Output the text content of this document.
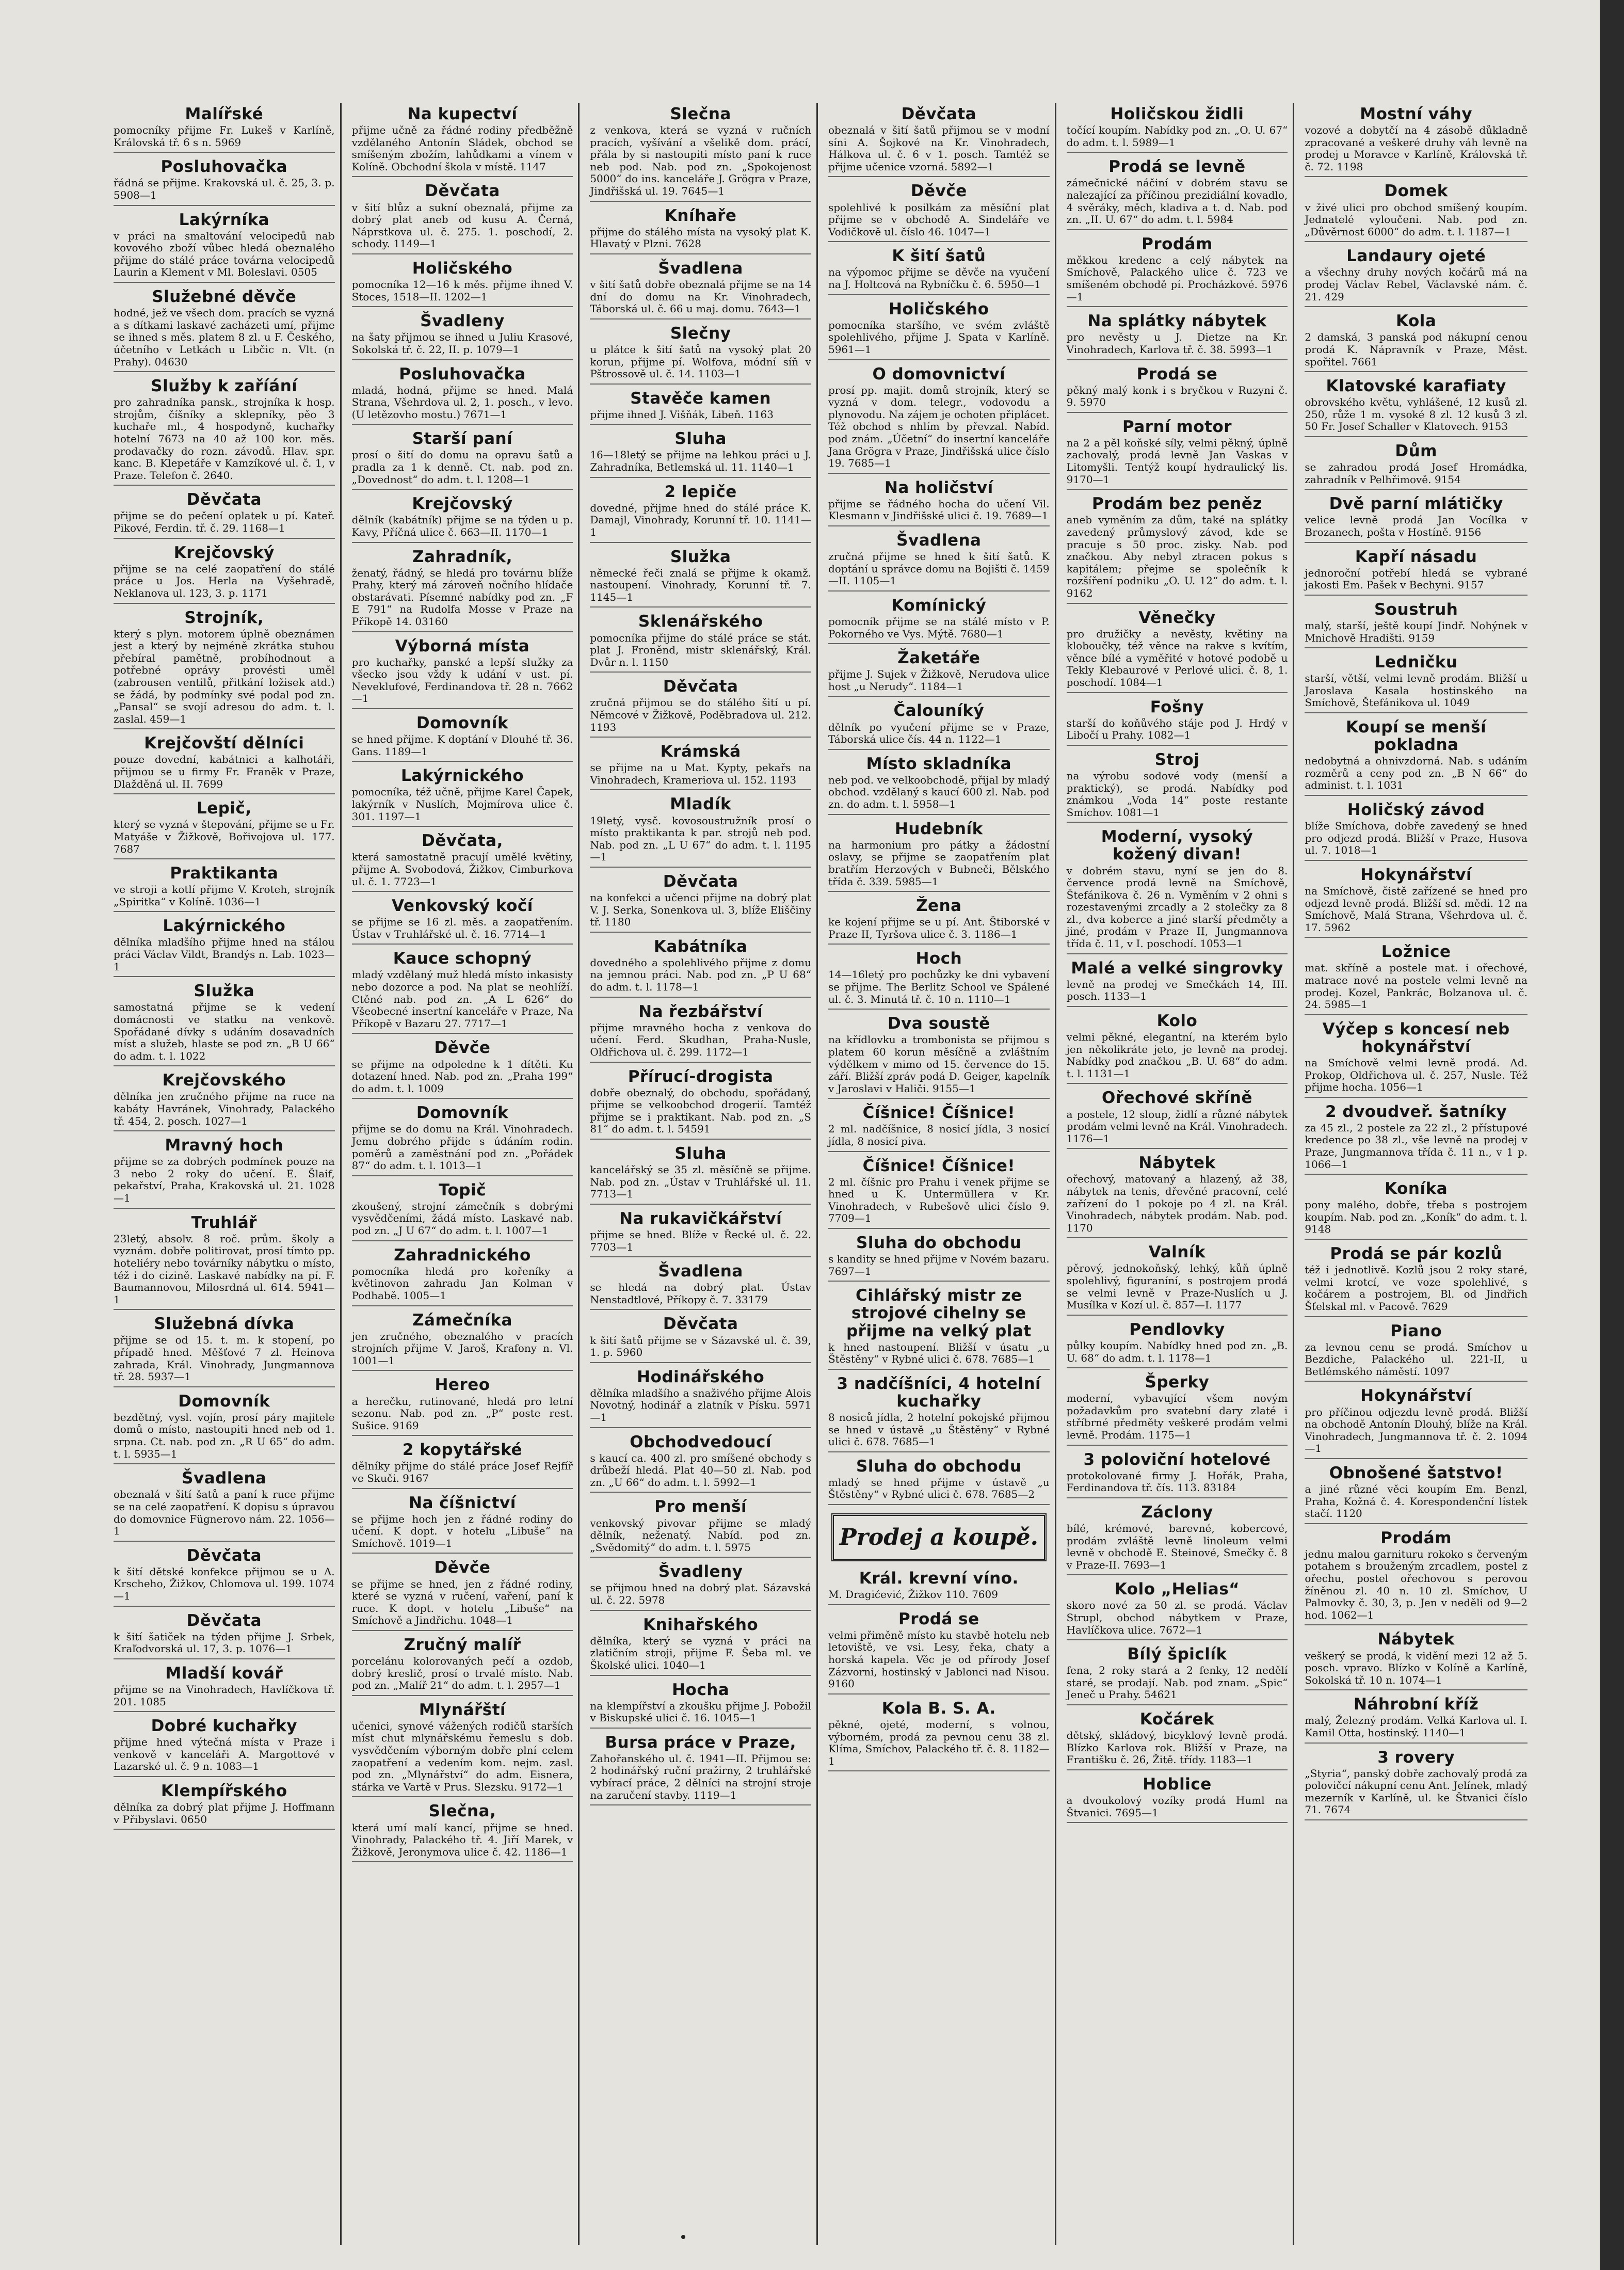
Malířské

pomocníky přijme Fr. Lukeš v Karlíně, Královská tř. 6 s n. 5969

Posluhovačka

řádná se přijme. Krakovská ul. č. 25, 3. p. 5908—1

Lakýrníka

v práci na smaltování velocipedů nab kovového zboží vůbec hledá obeznalého přijme do stálé práce továrna velocipedů Laurin a Klement v Ml. Boleslavi. 0505

Služebné děvče

hodné, jež ve všech dom. pracích se vyzná a s dítkami laskavé zacházeti umí, přijme se ihned s měs. platem 8 zl. u F. Českého, účetního v Letkách u Libčic n. Vlt. (n Prahy). 04630

Služby k zaříání

pro zahradníka pansk., strojníka k hosp. strojům, číšníky a sklepníky, pěo 3 kuchaře ml., 4 hospodyně, kuchařky hotelní 7673 na 40 až 100 kor. měs. prodavačky do rozn. závodů. Hlav. spr. kanc. B. Klepetáře v Kamzíkové ul. č. 1, v Praze. Telefon č. 2640.

Děvčata

přijme se do pečení oplatek u pí. Kateř. Pikové, Ferdin. tř. č. 29. 1168—1

Krejčovský

přijme se na celé zaopatření do stálé práce u Jos. Herla na Vyšehradě, Neklanova ul. 123, 3. p. 1171

Strojník,

který s plyn. motorem úplně obeznámen jest a který by nejméně zkrátka stuhou přebíral pamětně, probíhodnout a potřebné oprávy provésti uměl (zabrousen ventilů, přitkání ložisek atd.) se žádá, by podmínky své podal pod zn. „Pansal“ se svojí adresou do adm. t. l. zaslal. 459—1

Krejčovští dělníci

pouze dovední, kabátnici a kalhotáři, přijmou se u firmy Fr. Franěk v Praze, Dlažděná ul. II. 7699

Lepič,

který se vyzná v štepování, přijme se u Fr. Matyáše v Žižkově, Bořivojova ul. 177. 7687

Praktikanta

ve stroji a kotlí přijme V. Kroteh, strojník „Spiritka“ v Kolíně. 1036—1

Lakýrnického

dělníka mladšího přijme hned na stálou práci Václav Vildt, Brandýs n. Lab. 1023—1

Služka

samostatná přijme se k vedení domácnosti ve statku na venkově. Spořádané dívky s udáním dosavadních míst a služeb, hlaste se pod zn. „B U 66“ do adm. t. l. 1022

Krejčovského

dělníka jen zručného přijme na ruce na kabáty Havránek, Vinohrady, Palackého tř. 454, 2. posch. 1027—1

Mravný hoch

přijme se za dobrých podmínek pouze na 3 nebo 2 roky do učení. E. Šlaif, pekařství, Praha, Krakovská ul. 21. 1028—1

Truhlář

23letý, absolv. 8 roč. prům. školy a vyznám. dobře politirovat, prosí tímto pp. hoteliéry nebo továrníky nábytku o místo, též i do cizině. Laskavé nabídky na pí. F. Baumannovou, Milosrdná ul. 614. 5941—1

Služebná dívka

přijme se od 15. t. m. k stopení, po případě hned. Měšťové 7 zl. Heinova zahrada, Král. Vinohrady, Jungmannova tř. 28. 5937—1

Domovník

bezdětný, vysl. vojín, prosí páry majitele domů o místo, nastoupiti hned neb od 1. srpna. Ct. nab. pod zn. „R U 65“ do adm. t. l. 5935—1

Švadlena

obeznalá v šití šatů a paní k ruce přijme se na celé zaopatření. K dopisu s úpravou do domovnice Fügnerovo nám. 22. 1056—1

Děvčata

k šití dětské konfekce přijmou se u A. Krscheho, Žižkov, Chlomova ul. 199. 1074—1

Děvčata

k šití šatiček na týden přijme J. Srbek, Kraľodvorská ul. 17, 3. p. 1076—1

Mladší kovář

přijme se na Vinohradech, Havlíčkova tř. 201. 1085

Dobré kuchařky

přijme hned výtečná místa v Praze i venkově v kanceláři A. Margottové v Lazarské ul. č. 9 n. 1083—1

Klempířského

dělníka za dobrý plat přijme J. Hoffmann v Přibyslavi. 0650

Na kupectví

přijme učně za řádné rodiny předběžně vzdělaného Antonín Sládek, obchod se smíšeným zbožím, lahůdkami a vínem v Kolíně. Obchodní škola v místě. 1147

Děvčata

v šití blůz a sukní obeznalá, přijme za dobrý plat aneb od kusu A. Černá, Náprstkova ul. č. 275. 1. poschodí, 2. schody. 1149—1

Holičského

pomocníka 12—16 k měs. přijme ihned V. Stoces, 1518—II. 1202—1

Švadleny

na šaty přijmou se ihned u Juliu Krasové, Sokolská tř. č. 22, II. p. 1079—1

Posluhovačka

mladá, hodná, přijme se hned. Malá Strana, Všehrdova ul. 2, 1. posch., v levo. (U letězovho mostu.) 7671—1

Starší paní

prosí o šití do domu na opravu šatů a pradla za 1 k denně. Ct. nab. pod zn. „Dovednost“ do adm. t. l. 1208—1

Krejčovský

dělník (kabátník) přijme se na týden u p. Kavy, Příčná ulice č. 663—II. 1170—1

Zahradník,

ženatý, řádný, se hledá pro továrnu blíže Prahy, který má zároveň nočního hlídače obstarávati. Písemné nabídky pod zn. „F E 791“ na Rudolfa Mosse v Praze na Příkopě 14. 03160

Výborná místa

pro kuchařky, panské a lepší služky za všecko jsou vždy k udání v ust. pí. Neveklufové, Ferdinandova tř. 28 n. 7662—1

Domovník

se hned přijme. K doptání v Dlouhé tř. 36. Gans. 1189—1

Lakýrnického

pomocníka, též učně, přijme Karel Čapek, lakýrník v Nuslích, Mojmírova ulice č. 301. 1197—1

Děvčata,

která samostatně pracují umělé květiny, přijme A. Svobodová, Žižkov, Cimburkova ul. č. 1. 7723—1

Venkovský kočí

se přijme se 16 zl. měs. a zaopatřením. Ústav v Truhlářské ul. č. 16. 7714—1

Kauce schopný

mladý vzdělaný muž hledá místo inkasisty nebo dozorce a pod. Na plat se neohlíží. Ctěné nab. pod zn. „A L 626“ do Všeobecné insertní kanceláře v Praze, Na Příkopě v Bazaru 27. 7717—1

Děvče

se přijme na odpoledne k 1 dítěti. Ku dotazení hned. Nab. pod zn. „Praha 199“ do adm. t. l. 1009

Domovník

přijme se do domu na Král. Vinohradech. Jemu dobrého přijde s údáním rodin. poměrů a zaměstnání pod zn. „Pořádek 87“ do adm. t. l. 1013—1

Topič

zkoušený, strojní zámečník s dobrými vysvědčeními, žádá místo. Laskavé nab. pod zn. „J U 67“ do adm. t. l. 1007—1

Zahradnického

pomocníka hledá pro kořeníky a květinovon zahradu Jan Kolman v Podhabě. 1005—1

Zámečníka

jen zručného, obeznalého v pracích strojních přijme V. Jaroš, Krafony n. Vl. 1001—1

Hereo

a herečku, rutinované, hledá pro letní sezonu. Nab. pod zn. „P“ poste rest. Sušice. 9169

2 kopytářské

dělníky přijme do stálé práce Josef Rejfíř ve Skuči. 9167

Na číšnictví

se přijme hoch jen z řádné rodiny do učení. K dopt. v hotelu „Libuše“ na Smíchově. 1019—1

Děvče

se přijme se hned, jen z řádné rodiny, které se vyzná v ručení, vaření, paní k ruce. K dopt. v hotelu „Libuše“ na Smíchově a Jindřichu. 1048—1

Zručný malíř

porcelánu kolorovaných pečí a ozdob, dobrý kreslič, prosí o trvalé místo. Nab. pod zn. „Malíř 21“ do adm. t. l. 2957—1

Mlynářští

učenici, synové vážených rodičů starších míst chut mlynářskému řemeslu s dob. vysvědčením výborným dobře plní celem zaopatření a vedením kom. nejm. zasl. pod zn. „Mlynářství“ do adm. Eisnera, stárka ve Vartě v Prus. Slezsku. 9172—1

Slečna,

která umí malí kancí, přijme se hned. Vinohrady, Palackého tř. 4. Jiří Marek, v Žižkově, Jeronymova ulice č. 42. 1186—1

Slečna

z venkova, která se vyzná v ručních pracích, vyšívání a všelikě dom. prácí, přála by si nastoupiti místo paní k ruce neb pod. Nab. pod zn. „Spokojenost 5000“ do ins. kanceláře J. Grögra v Praze, Jindřišská ul. 19. 7645—1

Kníhaře

přijme do stálého místa na vysoký plat K. Hlavatý v Plzni. 7628

Švadlena

v šití šatů dobře obeznalá přijme se na 14 dní do domu na Kr. Vinohradech, Táborská ul. č. 66 u maj. domu. 7643—1

Slečny

u plátce k šití šatů na vysoký plat 20 korun, přijme pí. Wolfova, módní síň v Pštrossově ul. č. 14. 1103—1

Stavěče kamen

přijme ihned J. Višňák, Libeň. 1163

Sluha

16—18letý se přijme na lehkou práci u J. Zahradníka, Betlemská ul. 11. 1140—1

2 lepiče

dovedné, přijme hned do stálé práce K. Damajl, Vinohrady, Korunní tř. 10. 1141—1

Služka

německé řeči znalá se přijme k okamž. nastoupení. Vinohrady, Korunní tř. 7. 1145—1

Sklenářského

pomocníka přijme do stálé práce se stát. plat J. Froněnd, mistr sklenářský, Král. Dvůr n. l. 1150

Děvčata

zručná přijmou se do stálého šití u pí. Němcové v Žižkově, Poděbradova ul. 212. 1193

Krámská

se přijme na u Mat. Kypty, pekařs na Vinohradech, Krameriova ul. 152. 1193

Mladík

19letý, vysč. kovosoustružník prosí o místo praktikanta k par. strojů neb pod. Nab. pod zn. „L U 67“ do adm. t. l. 1195—1

Děvčata

na konfekci a učenci přijme na dobrý plat V. J. Serka, Sonenkova ul. 3, blíže Eliščiny tř. 1180

Kabátníka

dovedného a spolehlivého přijme z domu na jemnou práci. Nab. pod zn. „P U 68“ do adm. t. l. 1178—1

Na řezbářství

přijme mravného hocha z venkova do učení. Ferd. Skudhan, Praha-Nusle, Oldřichova ul. č. 299. 1172—1

Přírucí-drogista

dobře obeznalý, do obchodu, spořádaný, přijme se velkoobchod drogerií. Tamtéž přijme se i praktikant. Nab. pod zn. „S 81“ do adm. t. l. 54591

Sluha

kancelářský se 35 zl. měsíčně se přijme. Nab. pod zn. „Ústav v Truhlářské ul. 11. 7713—1

Na rukavičkářství

přijme se hned. Blíže v Řecké ul. č. 22. 7703—1

Švadlena

se hledá na dobrý plat. Ústav Nenstadtlové, Příkopy č. 7. 33179

Děvčata

k šití šatů přijme se v Sázavské ul. č. 39, 1. p. 5960

Hodinářského

dělníka mladšího a snaživého přijme Alois Novotný, hodinář a zlatník v Písku. 5971—1

Obchodvedoucí

s kaucí ca. 400 zl. pro smíšené obchody s drůbeží hledá. Plat 40—50 zl. Nab. pod zn. „U 66“ do adm. t. l. 5992—1

Pro menší

venkovský pivovar přijme se mladý dělník, neženatý. Nabíd. pod zn. „Svědomitý“ do adm. t. l. 5975

Švadleny

se přijmou hned na dobrý plat. Sázavská ul. č. 22. 5978

Knihařského

dělníka, který se vyzná v práci na zlatičním stroji, přijme F. Šeba ml. ve Školské ulici. 1040—1

Hocha

na klempířství a zkoušku přijme J. Pobožil v Biskupské ulici č. 16. 1045—1

Bursa práce v Praze,

Zahořanského ul. č. 1941—II. Přijmou se: 2 hodinářský ruční pražirny, 2 truhlářské vybírací práce, 2 dělníci na strojní stroje na zaručení stavby. 1119—1

Děvčata

obeznalá v šití šatů přijmou se v modní síni A. Šojkové na Kr. Vinohradech, Hálkova ul. č. 6 v 1. posch. Tamtéž se přijme učenice vzorná. 5892—1

Děvče

spolehlivé k posilkám za měsíční plat přijme se v obchodě A. Sindeláře ve Vodičkově ul. číslo 46. 1047—1

K šití šatů

na výpomoc přijme se děvče na vyučení na J. Holtcová na Rybníčku č. 6. 5950—1

Holičského

pomocníka staršího, ve svém zvláště spolehlivého, přijme J. Spata v Karlíně. 5961—1

O domovnictví

prosí pp. majit. domů strojník, který se vyzná v dom. telegr., vodovodu a plynovodu. Na zájem je ochoten připlácet. Též obchod s nhlím by převzal. Nabíd. pod znám. „Účetní“ do insertní kanceláře Jana Grögra v Praze, Jindřišská ulice číslo 19. 7685—1

Na holičství

přijme se řádného hocha do učení Vil. Klesmann v Jindřišské ulici č. 19. 7689—1

Švadlena

zručná přijme se hned k šití šatů. K doptání u správce domu na Bojišti č. 1459—II. 1105—1

Komínický

pomocník přijme se na stálé místo v P. Pokorného ve Vys. Mýtě. 7680—1

Žaketáře

přijme J. Sujek v Žižkově, Nerudova ulice host „u Nerudy“. 1184—1

Čalouníký

dělník po vyučení přijme se v Praze, Táborská ulice čís. 44 n. 1122—1

Místo skladníka

neb pod. ve velkoobchodě, přijal by mladý obchod. vzdělaný s kaucí 600 zl. Nab. pod zn. do adm. t. l. 5958—1

Hudebník

na harmonium pro pátky a žádostní oslavy, se přijme se zaopatřením plat bratřím Herzových v Bubneči, Bělského třída č. 339. 5985—1

Žena

ke kojení přijme se u pí. Ant. Štiborské v Praze II, Tyršova ulice č. 3. 1186—1

Hoch

14—16letý pro pochůzky ke dni vybavení se přijme. The Berlitz School ve Spálené ul. č. 3. Minutá tř. č. 10 n. 1110—1

Dva soustě

na křídlovku a trombonista se přijmou s platem 60 korun měsíčně a zvláštním výdělkem v mimo od 15. července do 15. září. Bližší zpráv podá D. Geiger, kapelník v Jaroslavi v Haliči. 9155—1

Číšnice! Číšnice!

2 ml. nadčíšnice, 8 nosicí jídla, 3 nosicí jídla, 8 nosicí piva.

Číšnice! Číšnice!

2 ml. číšnic pro Prahu i venek přijme se hned u K. Untermüllera v Kr. Vinohradech, v Rubešově ulici číslo 9. 7709—1

Sluha do obchodu

s kandity se hned přijme v Novém bazaru. 7697—1

Cihlářský mistr ze strojové cihelny se přijme na velký plat

k hned nastoupení. Bližší v úsatu „u Štěstěny“ v Rybné ulici č. 678. 7685—1

3 nadčíšníci, 4 hotelní kuchařky

8 nosiců jídla, 2 hotelní pokojské přijmou se hned v ústavě „u Štěstěny“ v Rybné ulici č. 678. 7685—1

Sluha do obchodu

mladý se hned přijme v ústavě „u Štěstěny“ v Rybné ulici č. 678. 7685—2

Prodej a koupě.
Král. krevní víno.

M. Dragićević, Žižkov 110. 7609

Prodá se

velmi přiměně místo ku stavbě hotelu neb letoviště, ve vsi. Lesy, řeka, chaty a horská kapela. Věc je od přírody Josef Zázvorni, hostinský v Jablonci nad Nisou. 9160

Kola B. S. A.

pěkné, ojeté, moderní, s volnou, výborném, prodá za pevnou cenu 38 zl. Klíma, Smíchov, Palackého tř. č. 8. 1182—1

Holičskou židli

točící koupím. Nabídky pod zn. „O. U. 67“ do adm. t. l. 5989—1

Prodá se levně

zámečnické náčiní v dobrém stavu se nalezající za příčinou prezidiální kovadlo, 4 svěráky, měch, kladiva a t. d. Nab. pod zn. „II. U. 67“ do adm. t. l. 5984

Prodám

měkkou kredenc a celý nábytek na Smíchově, Palackého ulice č. 723 ve smíšeném obchodě pí. Procházkové. 5976—1

Na splátky nábytek

pro nevěsty u J. Dietze na Kr. Vinohradech, Karlova tř. č. 38. 5993—1

Prodá se

pěkný malý konk i s bryčkou v Ruzyni č. 9. 5970

Parní motor

na 2 a pěl koňské síly, velmi pěkný, úplně zachovalý, prodá levně Jan Vaskas v Litomyšli. Tentýž koupí hydraulický lis. 9170—1

Prodám bez peněz

aneb vyměním za dům, také na splátky zavedený průmyslový závod, kde se pracuje s 50 proc. zisky. Nab. pod značkou. Aby nebyl ztracen pokus s kapitálem; přejme se společník k rozšíření podniku „O. U. 12“ do adm. t. l. 9162

Věnečky

pro družičky a nevěsty, květiny na kloboučky, též věnce na rakve s kvítím, věnce bílé a vyměřité v hotové podobě u Tekly Klebaurové v Perlové ulici. č. 8, 1. poschodí. 1084—1

Fošny

starší do koňůvého stáje pod J. Hrdý v Libočí u Prahy. 1082—1

Stroj

na výrobu sodové vody (menší a praktický), se prodá. Nabídky pod známkou „Voda 14“ poste restante Smíchov. 1081—1

Moderní, vysoký kožený divan!

v dobrém stavu, nyní se jen do 8. července prodá levně na Smíchově, Štefánikova č. 26 n. Vyměním v 2 ohni s rozestavenými zrcadly a 2 stolečky za 8 zl., dva koberce a jiné starší předměty a jiné, prodám v Praze II, Jungmannova třída č. 11, v I. poschodí. 1053—1

Malé a velké singrovky

levně na prodej ve Smečkách 14, III. posch. 1133—1

Kolo

velmi pěkné, elegantní, na kterém bylo jen několikráte jeto, je levně na prodej. Nabídky pod značkou „B. U. 68“ do adm. t. l. 1131—1

Ořechové skříně

a postele, 12 sloup, židlí a různé nábytek prodám velmi levně na Král. Vinohradech. 1176—1

Nábytek

ořechový, matovaný a hlazený, až 38, nábytek na tenis, dřevěné pracovní, celé zařízení do 1 pokoje po 4 zl. na Král. Vinohradech, nábytek prodám. Nab. pod. 1170

Valník

pěrový, jednokoňský, lehký, kůň úplně spolehlivý, figuraníní, s postrojem prodá se velmi levně v Praze-Nuslích u J. Musílka v Kozí ul. č. 857—I. 1177

Pendlovky

půlky koupím. Nabídky hned pod zn. „B. U. 68“ do adm. t. l. 1178—1

Šperky

moderní, vybavující všem novým požadavkům pro svatební dary zlaté i stříbrné předměty veškeré prodám velmi levně. Prodám. 1175—1

3 poloviční hotelové

protokolované firmy J. Hořák, Praha, Ferdinandova tř. čís. 113. 83184

Záclony

bílé, krémové, barevné, kobercové, prodám zvláště levně linoleum velmi levně v obchodě E. Steinové, Smečky č. 8 v Praze-II. 7693—1

Kolo „Helias“

skoro nové za 50 zl. se prodá. Václav Strupl, obchod nábytkem v Praze, Havlíčkova ulice. 7672—1

Bílý špiclík

fena, 2 roky stará a 2 fenky, 12 nedělí staré, se prodají. Nab. pod znam. „Spic“ Jeneč u Prahy. 54621

Kočárek

dětský, skládový, bicyklový levně prodá. Blízko Karlova rok. Bližší v Praze, na Františku č. 26, Žitě. třídy. 1183—1

Hoblice

a dvoukolový vozíky prodá Huml na Štvanici. 7695—1

Mostní váhy

vozové a dobytčí na 4 zásobě důkladně zpracované a veškeré druhy váh levně na prodej u Moravce v Karlíně, Královská tř. č. 72. 1198

Domek

v živé ulici pro obchod smíšený koupím. Jednatelé vyloučeni. Nab. pod zn. „Důvěrnost 6000“ do adm. t. l. 1187—1

Landaury ojeté

a všechny druhy nových kočárů má na prodej Václav Rebel, Václavské nám. č. 21. 429

Kola

2 damská, 3 panská pod nákupní cenou prodá K. Nápravník v Praze, Měst. spořitel. 7661

Klatovské karafiaty

obrovského květu, vyhlášené, 12 kusů zl. 250, růže 1 m. vysoké 8 zl. 12 kusů 3 zl. 50 Fr. Josef Schaller v Klatovech. 9153

Dům

se zahradou prodá Josef Hromádka, zahradník v Pelhřimově. 9154

Dvě parní mlátičky

velice levně prodá Jan Vocílka v Brozanech, pošta v Hostíně. 9156

Kapří násadu

jednoroční potřebí hledá se vybrané jakosti Em. Pašek v Bechyni. 9157

Soustruh

malý, starší, ještě koupí Jindř. Nohýnek v Mnichově Hradišti. 9159

Ledničku

starší, větší, velmi levně prodám. Bližší u Jaroslava Kasala hostinského na Smíchově, Štefánikova ul. 1049

Koupí se menší pokladna

nedobytná a ohnivzdorná. Nab. s udáním rozměrů a ceny pod zn. „B N 66“ do administ. t. l. 1031

Holičský závod

blíže Smíchova, dobře zavedený se hned pro odjezd prodá. Bližší v Praze, Husova ul. 7. 1018—1

Hokynářství

na Smíchově, čistě zařízené se hned pro odjezd levně prodá. Bližší sd. mědi. 12 na Smíchově, Malá Strana, Všehrdova ul. č. 17. 5962

Ložnice

mat. skříně a postele mat. i ořechové, matrace nové na postele velmi levně na prodej. Kozel, Pankrác, Bolzanova ul. č. 24. 5985—1

Výčep s koncesí neb hokynářství

na Smíchově velmi levně prodá. Ad. Prokop, Oldřichova ul. č. 257, Nusle. Též přijme hocha. 1056—1

2 dvoudveř. šatníky

za 45 zl., 2 postele za 22 zl., 2 přístupové kredence po 38 zl., vše levně na prodej v Praze, Jungmannova třída č. 11 n., v 1 p. 1066—1

Koníka

pony malého, dobře, třeba s postrojem koupím. Nab. pod zn. „Koník“ do adm. t. l. 9148

Prodá se pár kozlů

též i jednotlivě. Kozlů jsou 2 roky staré, velmi krotcí, ve voze spolehlivé, s kočárem a postrojem, Bl. od Jindřich Šťelskal ml. v Pacově. 7629

Piano

za levnou cenu se prodá. Smíchov u Bezdiche, Palackého ul. 221-II, u Betlémského náměstí. 1097

Hokynářství

pro příčinou odjezdu levně prodá. Bližší na obchodě Antonín Dlouhý, blíže na Král. Vinohradech, Jungmannova tř. č. 2. 1094—1

Obnošené šatstvo!

a jiné různé věci koupím Em. Benzl, Praha, Kožná č. 4. Korespondenční lístek stačí. 1120

Prodám

jednu malou garnituru rokoko s červeným potahem s brouženým zrcadlem, postel z ořechu, postel ořechovou s perovou žíněnou zl. 40 n. 10 zl. Smíchov, U Palmovky č. 30, 3, p. Jen v neděli od 9—2 hod. 1062—1

Nábytek

veškerý se prodá, k vidění mezi 12 až 5. posch. vpravo. Blízko v Kolíně a Karlíně, Sokolská tř. 10 n. 1074—1

Náhrobní kříž

malý, Železný prodám. Velká Karlova ul. I. Kamil Otta, hostinský. 1140—1

3 rovery

„Styria“, panský dobře zachovalý prodá za polovičcí nákupní cenu Ant. Jelínek, mladý mezerník v Karlíně, ul. ke Štvanici číslo 71. 7674
